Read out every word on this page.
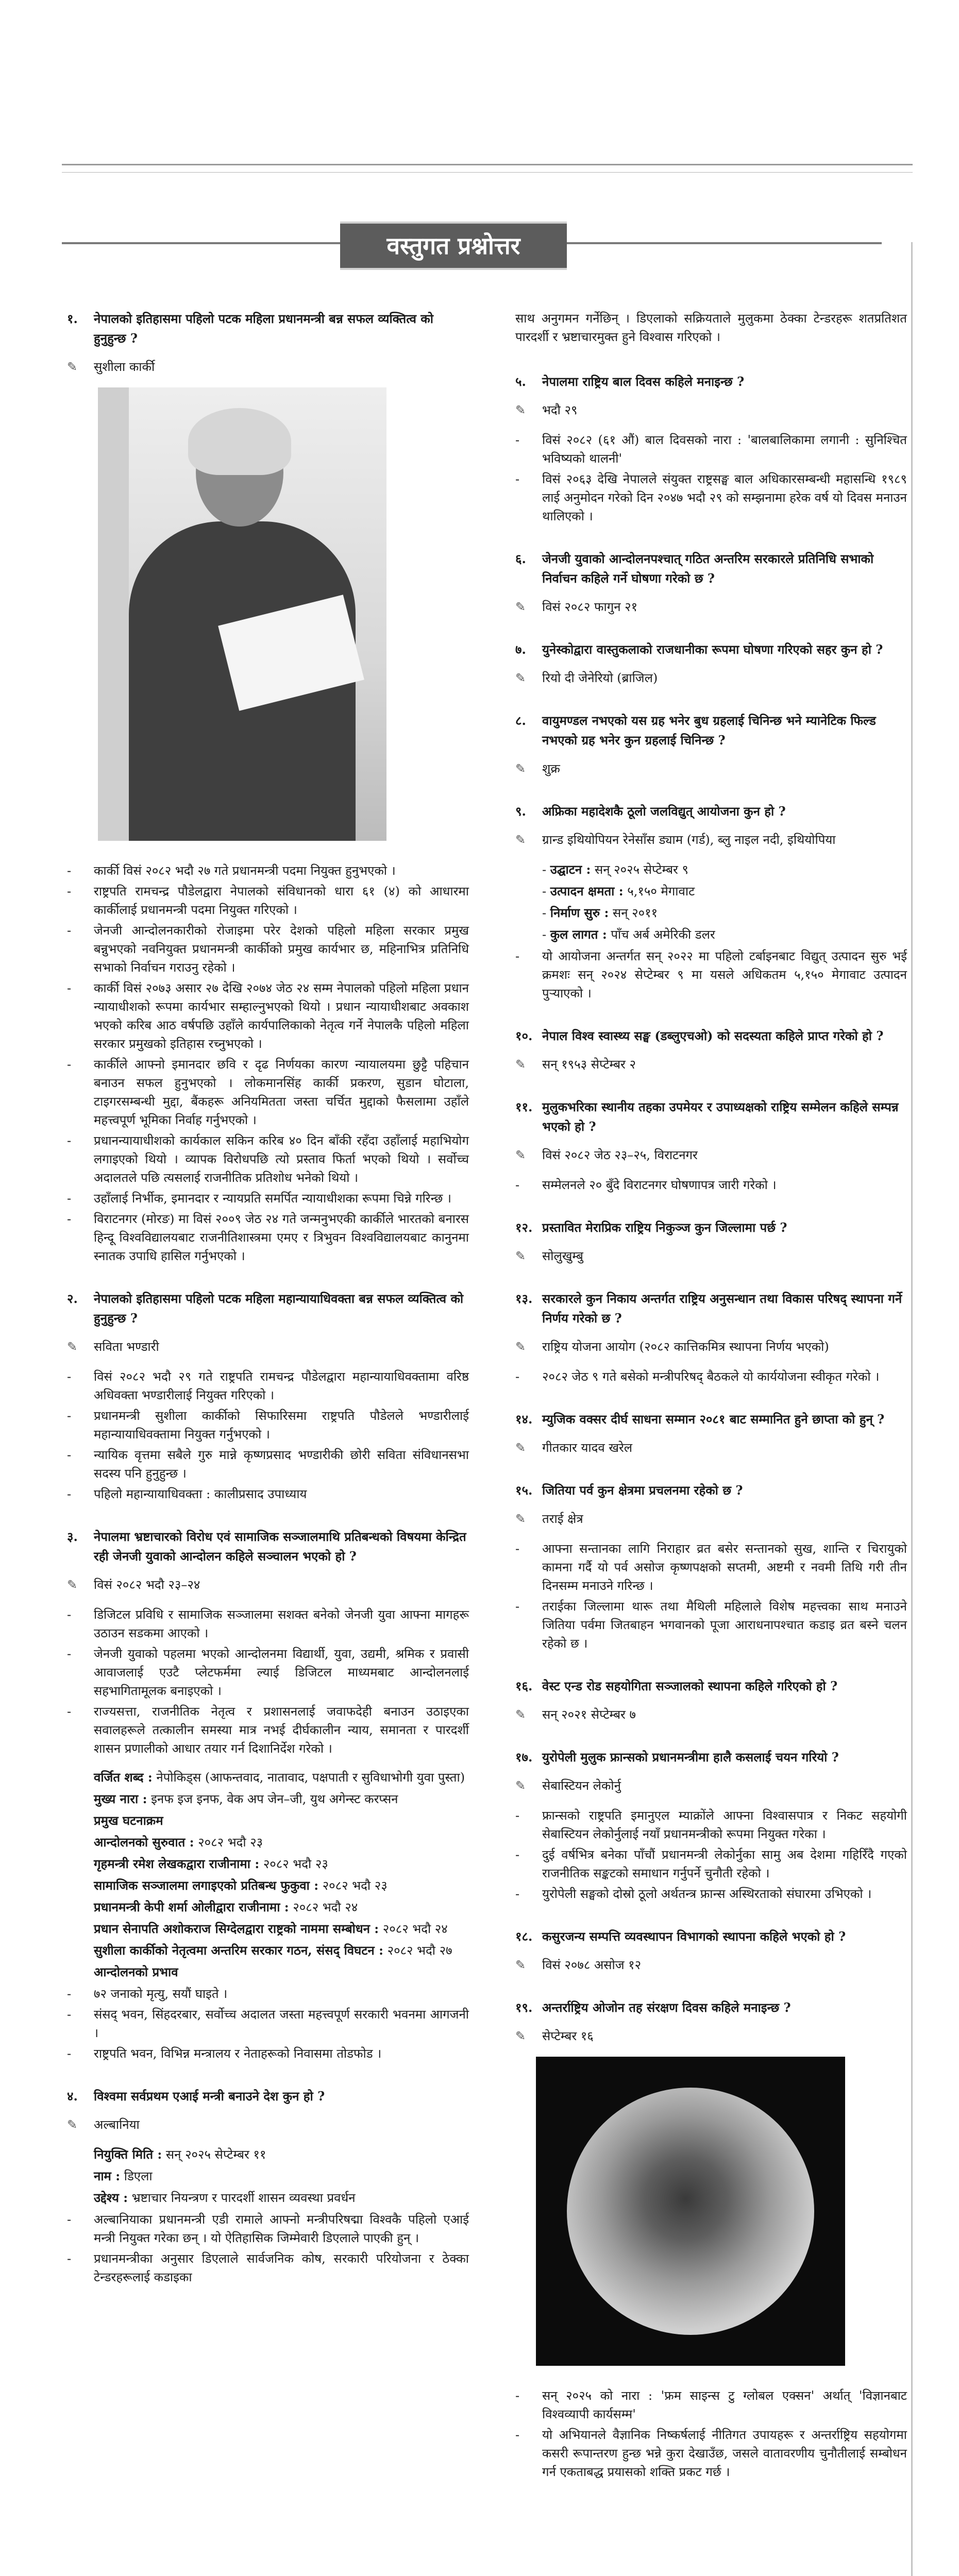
वस्तुगत प्रश्नोत्तर
१.	नेपालको इतिहासमा पहिलो पटक महिला प्रधानमन्त्री बन्न सफल व्यक्तित्व को हुनुहुन्छ ?
✎	सुशीला कार्की
-	कार्की विसं २०८२ भदौ २७ गते प्रधानमन्त्री पदमा नियुक्त हुनुभएको ।
-	राष्ट्रपति रामचन्द्र पौडेलद्वारा नेपालको संविधानको धारा ६१ (४) को आधारमा कार्कीलाई प्रधानमन्त्री पदमा नियुक्त गरिएको ।
-	जेनजी आन्दोलनकारीको रोजाइमा परेर देशको पहिलो महिला सरकार प्रमुख बन्नुभएको नवनियुक्त प्रधानमन्त्री कार्कीको प्रमुख कार्यभार छ, महिनाभित्र प्रतिनिधि सभाको निर्वाचन गराउनु रहेको ।
-	कार्की विसं २०७३ असार २७ देखि २०७४ जेठ २४ सम्म नेपालको पहिलो महिला प्रधान न्यायाधीशको रूपमा कार्यभार सम्हाल्नुभएको थियो । प्रधान न्यायाधीशबाट अवकाश भएको करिब आठ वर्षपछि उहाँले कार्यपालिकाको नेतृत्व गर्ने नेपालकै पहिलो महिला सरकार प्रमुखको इतिहास रच्नुभएको ।
-	कार्कीले आफ्नो इमानदार छवि र दृढ निर्णयका कारण न्यायालयमा छुट्टै पहिचान बनाउन सफल हुनुभएको । लोकमानसिंह कार्की प्रकरण, सुडान घोटाला, टाइगरसम्बन्धी मुद्दा, बैंकहरू अनियमितता जस्ता चर्चित मुद्दाको फैसलामा उहाँले महत्त्वपूर्ण भूमिका निर्वाह गर्नुभएको ।
-	प्रधानन्यायाधीशको कार्यकाल सकिन करिब ४० दिन बाँकी रहँदा उहाँलाई महाभियोग लगाइएको थियो । व्यापक विरोधपछि त्यो प्रस्ताव फिर्ता भएको थियो । सर्वोच्च अदालतले पछि त्यसलाई राजनीतिक प्रतिशोध भनेको थियो ।
-	उहाँलाई निर्भीक, इमानदार र न्यायप्रति समर्पित न्यायाधीशका रूपमा चिन्ने गरिन्छ ।
-	विराटनगर (मोरङ) मा विसं २००९ जेठ २४ गते जन्मनुभएकी कार्कीले भारतको बनारस हिन्दू विश्वविद्यालयबाट राजनीतिशास्त्रमा एमए र त्रिभुवन विश्वविद्यालयबाट कानुनमा स्नातक उपाधि हासिल गर्नुभएको ।
२.	नेपालको इतिहासमा पहिलो पटक महिला महान्यायाधिवक्ता बन्न सफल व्यक्तित्व को हुनुहुन्छ ?
✎	सविता भण्डारी
-	विसं २०८२ भदौ २९ गते राष्ट्रपति रामचन्द्र पौडेलद्वारा महान्यायाधिवक्तामा वरिष्ठ अधिवक्ता भण्डारीलाई नियुक्त गरिएको ।
-	प्रधानमन्त्री सुशीला कार्कीको सिफारिसमा राष्ट्रपति पौडेलले भण्डारीलाई महान्यायाधिवक्तामा नियुक्त गर्नुभएको ।
-	न्यायिक वृत्तमा सबैले गुरु मान्ने कृष्णप्रसाद भण्डारीकी छोरी सविता संविधानसभा सदस्य पनि हुनुहुन्छ ।
-	पहिलो महान्यायाधिवक्ता : कालीप्रसाद उपाध्याय
३.	नेपालमा भ्रष्टाचारको विरोध एवं सामाजिक सञ्जालमाथि प्रतिबन्धको विषयमा केन्द्रित रही जेनजी युवाको आन्दोलन कहिले सञ्चालन भएको हो ?
✎	विसं २०८२ भदौ २३–२४
-	डिजिटल प्रविधि र सामाजिक सञ्जालमा सशक्त बनेको जेनजी युवा आफ्ना मागहरू उठाउन सडकमा आएको ।
-	जेनजी युवाको पहलमा भएको आन्दोलनमा विद्यार्थी, युवा, उद्यमी, श्रमिक र प्रवासी आवाजलाई एउटै प्लेटफर्ममा ल्याई डिजिटल माध्यमबाट आन्दोलनलाई सहभागितामूलक बनाइएको ।
-	राज्यसत्ता, राजनीतिक नेतृत्व र प्रशासनलाई जवाफदेही बनाउन उठाइएका सवालहरूले तत्कालीन समस्या मात्र नभई दीर्घकालीन न्याय, समानता र पारदर्शी शासन प्रणालीको आधार तयार गर्न दिशानिर्देश गरेको ।
वर्जित शब्द : नेपोकिड्स (आफन्तवाद, नातावाद, पक्षपाती र सुविधाभोगी युवा पुस्ता)
मुख्य नारा : इनफ इज इनफ, वेक अप जेन–जी, युथ अगेन्स्ट करप्सन
प्रमुख घटनाक्रम
आन्दोलनको सुरुवात : २०८२ भदौ २३
गृहमन्त्री रमेश लेखकद्वारा राजीनामा : २०८२ भदौ २३
सामाजिक सञ्जालमा लगाइएको प्रतिबन्ध फुकुवा : २०८२ भदौ २३
प्रधानमन्त्री केपी शर्मा ओलीद्वारा राजीनामा : २०८२ भदौ २४
प्रधान सेनापति अशोकराज सिग्देलद्वारा राष्ट्रको नाममा सम्बोधन : २०८२ भदौ २४
सुशीला कार्कीको नेतृत्वमा अन्तरिम सरकार गठन, संसद् विघटन : २०८२ भदौ २७
आन्दोलनको प्रभाव
-	७२ जनाको मृत्यु, सयौं घाइते ।
-	संसद् भवन, सिंहदरबार, सर्वोच्च अदालत जस्ता महत्त्वपूर्ण सरकारी भवनमा आगजनी ।
-	राष्ट्रपति भवन, विभिन्न मन्त्रालय र नेताहरूको निवासमा तोडफोड ।
४.	विश्वमा सर्वप्रथम एआई मन्त्री बनाउने देश कुन हो ?
✎	अल्बानिया
नियुक्ति मिति : सन् २०२५ सेप्टेम्बर ११
नाम : डिएला
उद्देश्य : भ्रष्टाचार नियन्त्रण र पारदर्शी शासन व्यवस्था प्रवर्धन
-	अल्बानियाका प्रधानमन्त्री एडी रामाले आफ्नो मन्त्रीपरिषद्मा विश्वकै पहिलो एआई मन्त्री नियुक्त गरेका छन् । यो ऐतिहासिक जिम्मेवारी डिएलाले पाएकी हुन् ।
-	प्रधानमन्त्रीका अनुसार डिएलाले सार्वजनिक कोष, सरकारी परियोजना र ठेक्का टेन्डरहरूलाई कडाइका
साथ अनुगमन गर्नेछिन् । डिएलाको सक्रियताले मुलुकमा ठेक्का टेन्डरहरू शतप्रतिशत पारदर्शी र भ्रष्टाचारमुक्त हुने विश्वास गरिएको ।
५.	नेपालमा राष्ट्रिय बाल दिवस कहिले मनाइन्छ ?
✎	भदौ २९
-	विसं २०८२ (६१ औं) बाल दिवसको नारा : 'बालबालिकामा लगानी : सुनिश्चित भविष्यको थालनी'
-	विसं २०६३ देखि नेपालले संयुक्त राष्ट्रसङ्घ बाल अधिकारसम्बन्धी महासन्धि १९८९ लाई अनुमोदन गरेको दिन २०४७ भदौ २९ को सम्झनामा हरेक वर्ष यो दिवस मनाउन थालिएको ।
६.	जेनजी युवाको आन्दोलनपश्चात् गठित अन्तरिम सरकारले प्रतिनिधि सभाको निर्वाचन कहिले गर्ने घोषणा गरेको छ ?
✎	विसं २०८२ फागुन २१
७.	युनेस्कोद्वारा वास्तुकलाको राजधानीका रूपमा घोषणा गरिएको सहर कुन हो ?
✎	रियो दी जेनेरियो (ब्राजिल)
८.	वायुमण्डल नभएको यस ग्रह भनेर बुध ग्रहलाई चिनिन्छ भने म्यानेटिक फिल्ड नभएको ग्रह भनेर कुन ग्रहलाई चिनिन्छ ?
✎	शुक्र
९.	अफ्रिका महादेशकै ठूलो जलविद्युत् आयोजना कुन हो ?
✎	ग्रान्ड इथियोपियन रेनेसाँस ड्याम (गर्ड), ब्लु नाइल नदी, इथियोपिया
- उद्घाटन : सन् २०२५ सेप्टेम्बर ९
- उत्पादन क्षमता : ५,१५० मेगावाट
- निर्माण सुरु : सन् २०११
- कुल लागत : पाँच अर्ब अमेरिकी डलर
-	यो आयोजना अन्तर्गत सन् २०२२ मा पहिलो टर्बाइनबाट विद्युत् उत्पादन सुरु भई क्रमशः सन् २०२४ सेप्टेम्बर ९ मा यसले अधिकतम ५,१५० मेगावाट उत्पादन पुऱ्याएको ।
१०. नेपाल विश्व स्वास्थ्य सङ्घ (डब्लुएचओ) को सदस्यता कहिले प्राप्त गरेको हो ?
✎	सन् १९५३ सेप्टेम्बर २
११. मुलुकभरिका स्थानीय तहका उपमेयर र उपाध्यक्षको राष्ट्रिय सम्मेलन कहिले सम्पन्न भएको हो ?
✎	विसं २०८२ जेठ २३–२५, विराटनगर
-	सम्मेलनले २० बुँदे विराटनगर घोषणापत्र जारी गरेको ।
१२. प्रस्तावित मेराप्रिक राष्ट्रिय निकुञ्ज कुन जिल्लामा पर्छ ?
✎	सोलुखुम्बु
१३. सरकारले कुन निकाय अन्तर्गत राष्ट्रिय अनुसन्धान तथा विकास परिषद् स्थापना गर्ने निर्णय गरेको छ ?
✎	राष्ट्रिय योजना आयोग (२०८२ कात्तिकमित्र स्थापना निर्णय भएको)
-	२०८२ जेठ ९ गते बसेको मन्त्रीपरिषद् बैठकले यो कार्ययोजना स्वीकृत गरेको ।
१४. म्युजिक वक्सर दीर्घ साधना सम्मान २०८१ बाट सम्मानित हुने छाप्ता को हुन् ?
✎	गीतकार यादव खरेल
१५. जितिया पर्व कुन क्षेत्रमा प्रचलनमा रहेको छ ?
✎	तराई क्षेत्र
-	आफ्ना सन्तानका लागि निराहार व्रत बसेर सन्तानको सुख, शान्ति र चिरायुको कामना गर्दै यो पर्व असोज कृष्णपक्षको सप्तमी, अष्टमी र नवमी तिथि गरी तीन दिनसम्म मनाउने गरिन्छ ।
-	तराईका जिल्लामा थारू तथा मैथिली महिलाले विशेष महत्त्वका साथ मनाउने जितिया पर्वमा जितबाहन भगवानको पूजा आराधनापश्चात कडाइ व्रत बस्ने चलन रहेको छ ।
१६. वेस्ट एन्ड रोड सहयोगिता सञ्जालको स्थापना कहिले गरिएको हो ?
✎	सन् २०२१ सेप्टेम्बर ७
१७. युरोपेली मुलुक फ्रान्सको प्रधानमन्त्रीमा हालै कसलाई चयन गरियो ?
✎	सेबास्टियन लेकोर्नु
-	फ्रान्सको राष्ट्रपति इमानुएल म्याक्रोंले आफ्ना विश्वासपात्र र निकट सहयोगी सेबास्टियन लेकोर्नुलाई नयाँ प्रधानमन्त्रीको रूपमा नियुक्त गरेका ।
-	दुई वर्षभित्र बनेका पाँचौं प्रधानमन्त्री लेकोर्नुका सामु अब देशमा गहिरिँदै गएको राजनीतिक सङ्कटको समाधान गर्नुपर्ने चुनौती रहेको ।
-	युरोपेली सङ्घको दोस्रो ठूलो अर्थतन्त्र फ्रान्स अस्थिरताको संघारमा उभिएको ।
१८. कसुरजन्य सम्पत्ति व्यवस्थापन विभागको स्थापना कहिले भएको हो ?
✎	विसं २०७८ असोज १२
१९. अन्तर्राष्ट्रिय ओजोन तह संरक्षण दिवस कहिले मनाइन्छ ?
✎	सेप्टेम्बर १६
-	सन् २०२५ को नारा : 'फ्रम साइन्स टु ग्लोबल एक्सन' अर्थात् 'विज्ञानबाट विश्वव्यापी कार्यसम्म'
-	यो अभियानले वैज्ञानिक निष्कर्षलाई नीतिगत उपायहरू र अन्तर्राष्ट्रिय सहयोगमा कसरी रूपान्तरण हुन्छ भन्ने कुरा देखाउँछ, जसले वातावरणीय चुनौतीलाई सम्बोधन गर्न एकताबद्ध प्रयासको शक्ति प्रकट गर्छ ।
